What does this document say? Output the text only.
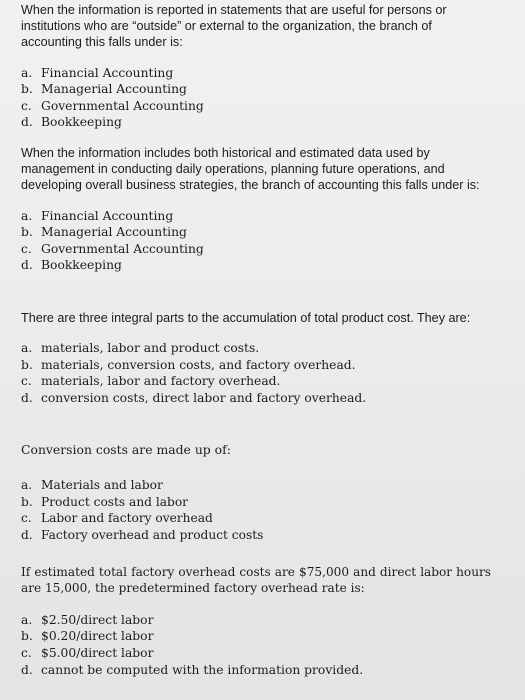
When the information is reported in statements that are useful for persons or institutions who are “outside” or external to the organization, the branch of accounting this falls under is:

a. Financial Accounting
b. Managerial Accounting
c. Governmental Accounting
d. Bookkeeping

When the information includes both historical and estimated data used by management in conducting daily operations, planning future operations, and developing overall business strategies, the branch of accounting this falls under is:

a. Financial Accounting
b. Managerial Accounting
c. Governmental Accounting
d. Bookkeeping

There are three integral parts to the accumulation of total product cost. They are:

a. materials, labor and product costs.
b. materials, conversion costs, and factory overhead.
c. materials, labor and factory overhead.
d. conversion costs, direct labor and factory overhead.

Conversion costs are made up of:

a. Materials and labor
b. Product costs and labor
c. Labor and factory overhead
d. Factory overhead and product costs

If estimated total factory overhead costs are $75,000 and direct labor hours are 15,000, the predetermined factory overhead rate is:

a. $2.50/direct labor
b. $0.20/direct labor
c. $5.00/direct labor
d. cannot be computed with the information provided.
